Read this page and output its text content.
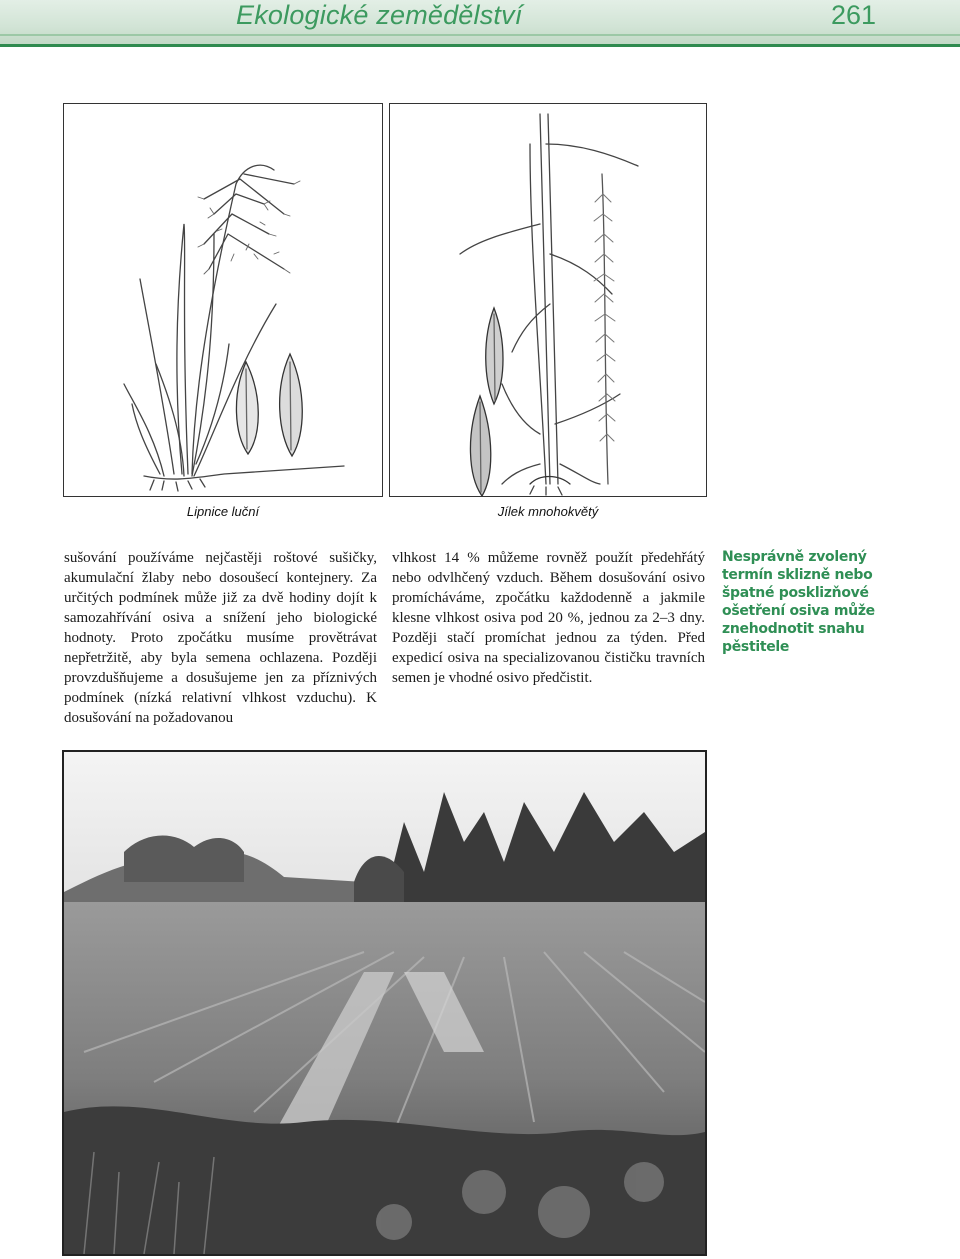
Ekologické zemědělství	261
Lipnice luční	Jílek mnohokvětý

sušování používáme nejčastěji roštové sušičky, akumulační žlaby nebo dosoušecí kontejnery. Za určitých podmínek může již za dvě hodiny dojít k samozahřívání osiva a snížení jeho biologické hodnoty. Proto zpočátku musíme provětrávat nepřetržitě, aby byla semena ochlazena. Později provzdušňujeme a dosušujeme jen za příznivých podmínek (nízká relativní vlhkost vzduchu). K dosušování na požadovanou

vlhkost 14 % můžeme rovněž použít předehřátý nebo odvlhčený vzduch. Během dosušování osivo promícháváme, zpočátku každodenně a jakmile klesne vlhkost osiva pod 20 %, jednou za 2–3 dny. Později stačí promíchat jednou za týden. Před expedicí osiva na specializovanou čističku travních semen je vhodné osivo předčistit.

Nesprávně zvolený termín sklizně nebo špatné posklizňové ošetření osiva může znehodnotit snahu pěstitele
